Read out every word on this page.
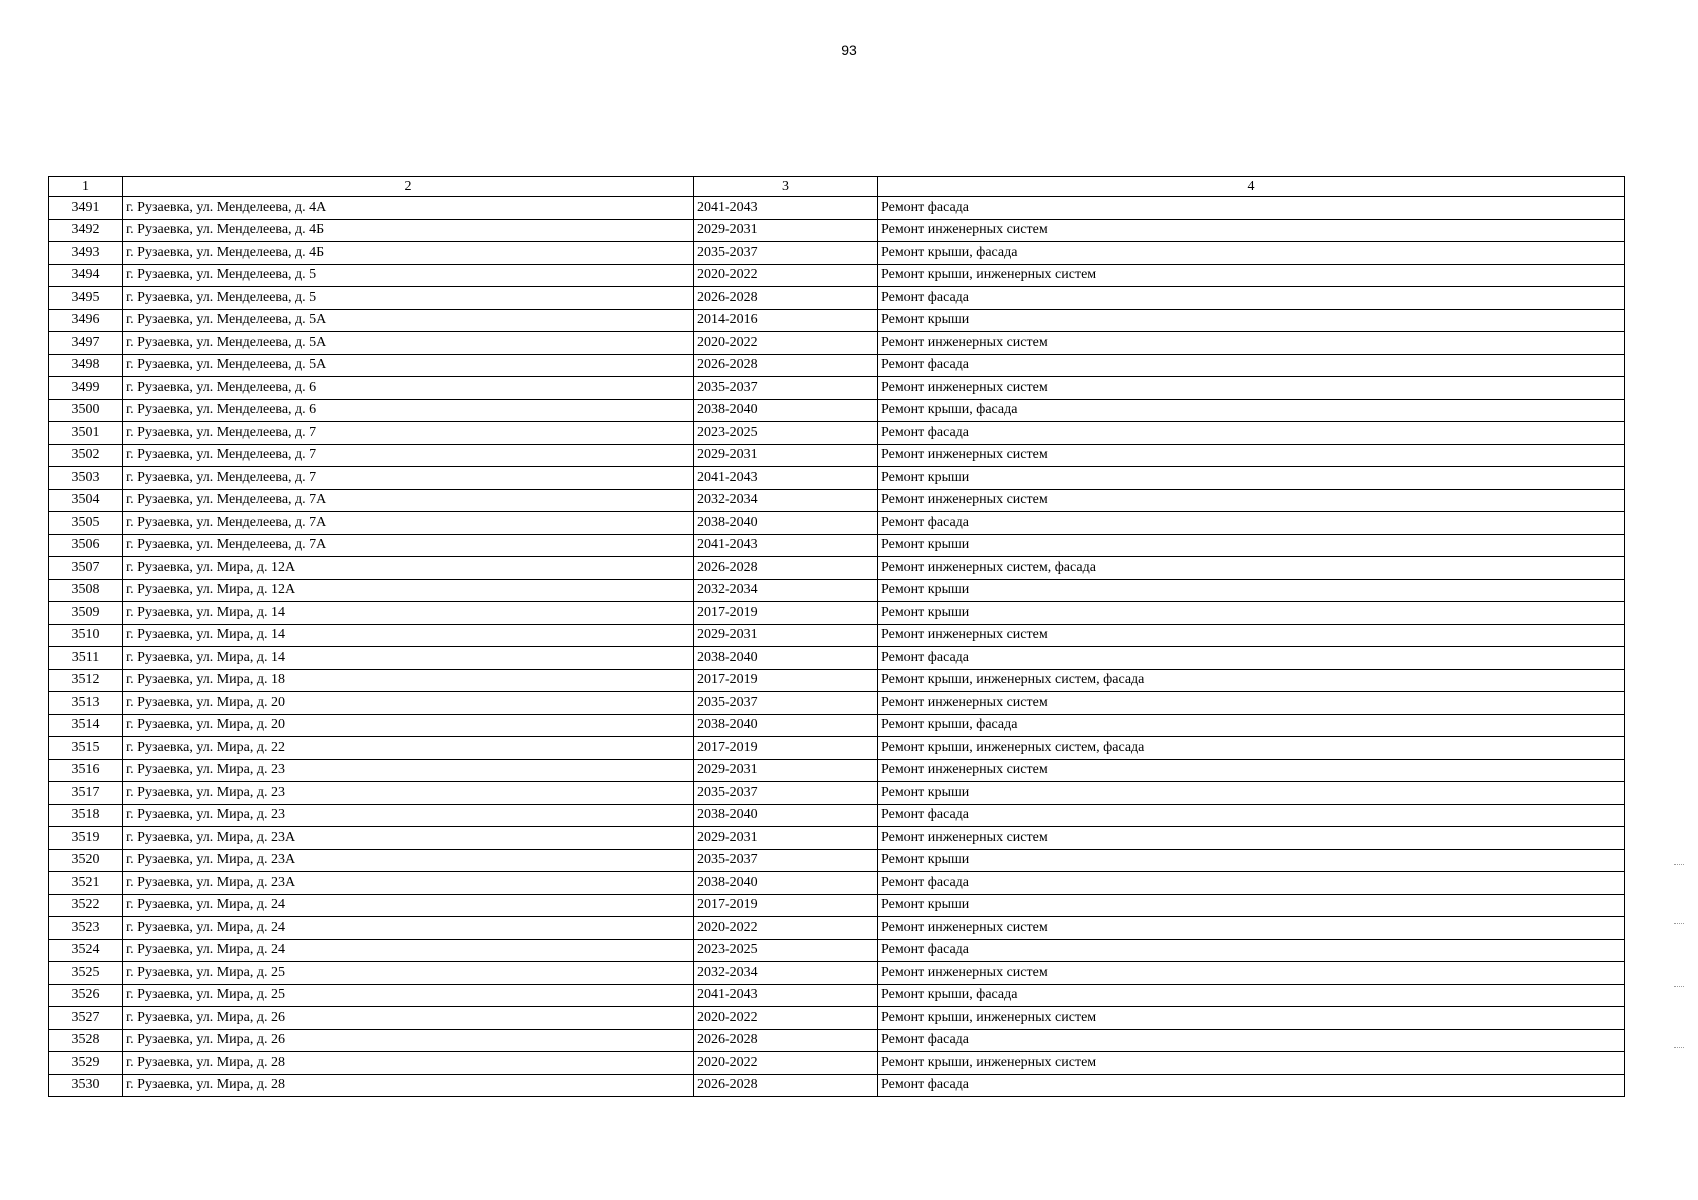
93
1	2	3	4
3491	г. Рузаевка, ул. Менделеева, д. 4А	2041-2043	Ремонт фасада
3492	г. Рузаевка, ул. Менделеева, д. 4Б	2029-2031	Ремонт инженерных систем
3493	г. Рузаевка, ул. Менделеева, д. 4Б	2035-2037	Ремонт крыши, фасада
3494	г. Рузаевка, ул. Менделеева, д. 5	2020-2022	Ремонт крыши, инженерных систем
3495	г. Рузаевка, ул. Менделеева, д. 5	2026-2028	Ремонт фасада
3496	г. Рузаевка, ул. Менделеева, д. 5А	2014-2016	Ремонт крыши
3497	г. Рузаевка, ул. Менделеева, д. 5А	2020-2022	Ремонт инженерных систем
3498	г. Рузаевка, ул. Менделеева, д. 5А	2026-2028	Ремонт фасада
3499	г. Рузаевка, ул. Менделеева, д. 6	2035-2037	Ремонт инженерных систем
3500	г. Рузаевка, ул. Менделеева, д. 6	2038-2040	Ремонт крыши, фасада
3501	г. Рузаевка, ул. Менделеева, д. 7	2023-2025	Ремонт фасада
3502	г. Рузаевка, ул. Менделеева, д. 7	2029-2031	Ремонт инженерных систем
3503	г. Рузаевка, ул. Менделеева, д. 7	2041-2043	Ремонт крыши
3504	г. Рузаевка, ул. Менделеева, д. 7А	2032-2034	Ремонт инженерных систем
3505	г. Рузаевка, ул. Менделеева, д. 7А	2038-2040	Ремонт фасада
3506	г. Рузаевка, ул. Менделеева, д. 7А	2041-2043	Ремонт крыши
3507	г. Рузаевка, ул. Мира, д. 12А	2026-2028	Ремонт инженерных систем, фасада
3508	г. Рузаевка, ул. Мира, д. 12А	2032-2034	Ремонт крыши
3509	г. Рузаевка, ул. Мира, д. 14	2017-2019	Ремонт крыши
3510	г. Рузаевка, ул. Мира, д. 14	2029-2031	Ремонт инженерных систем
3511	г. Рузаевка, ул. Мира, д. 14	2038-2040	Ремонт фасада
3512	г. Рузаевка, ул. Мира, д. 18	2017-2019	Ремонт крыши, инженерных систем, фасада
3513	г. Рузаевка, ул. Мира, д. 20	2035-2037	Ремонт инженерных систем
3514	г. Рузаевка, ул. Мира, д. 20	2038-2040	Ремонт крыши, фасада
3515	г. Рузаевка, ул. Мира, д. 22	2017-2019	Ремонт крыши, инженерных систем, фасада
3516	г. Рузаевка, ул. Мира, д. 23	2029-2031	Ремонт инженерных систем
3517	г. Рузаевка, ул. Мира, д. 23	2035-2037	Ремонт крыши
3518	г. Рузаевка, ул. Мира, д. 23	2038-2040	Ремонт фасада
3519	г. Рузаевка, ул. Мира, д. 23А	2029-2031	Ремонт инженерных систем
3520	г. Рузаевка, ул. Мира, д. 23А	2035-2037	Ремонт крыши
3521	г. Рузаевка, ул. Мира, д. 23А	2038-2040	Ремонт фасада
3522	г. Рузаевка, ул. Мира, д. 24	2017-2019	Ремонт крыши
3523	г. Рузаевка, ул. Мира, д. 24	2020-2022	Ремонт инженерных систем
3524	г. Рузаевка, ул. Мира, д. 24	2023-2025	Ремонт фасада
3525	г. Рузаевка, ул. Мира, д. 25	2032-2034	Ремонт инженерных систем
3526	г. Рузаевка, ул. Мира, д. 25	2041-2043	Ремонт крыши, фасада
3527	г. Рузаевка, ул. Мира, д. 26	2020-2022	Ремонт крыши, инженерных систем
3528	г. Рузаевка, ул. Мира, д. 26	2026-2028	Ремонт фасада
3529	г. Рузаевка, ул. Мира, д. 28	2020-2022	Ремонт крыши, инженерных систем
3530	г. Рузаевка, ул. Мира, д. 28	2026-2028	Ремонт фасада
